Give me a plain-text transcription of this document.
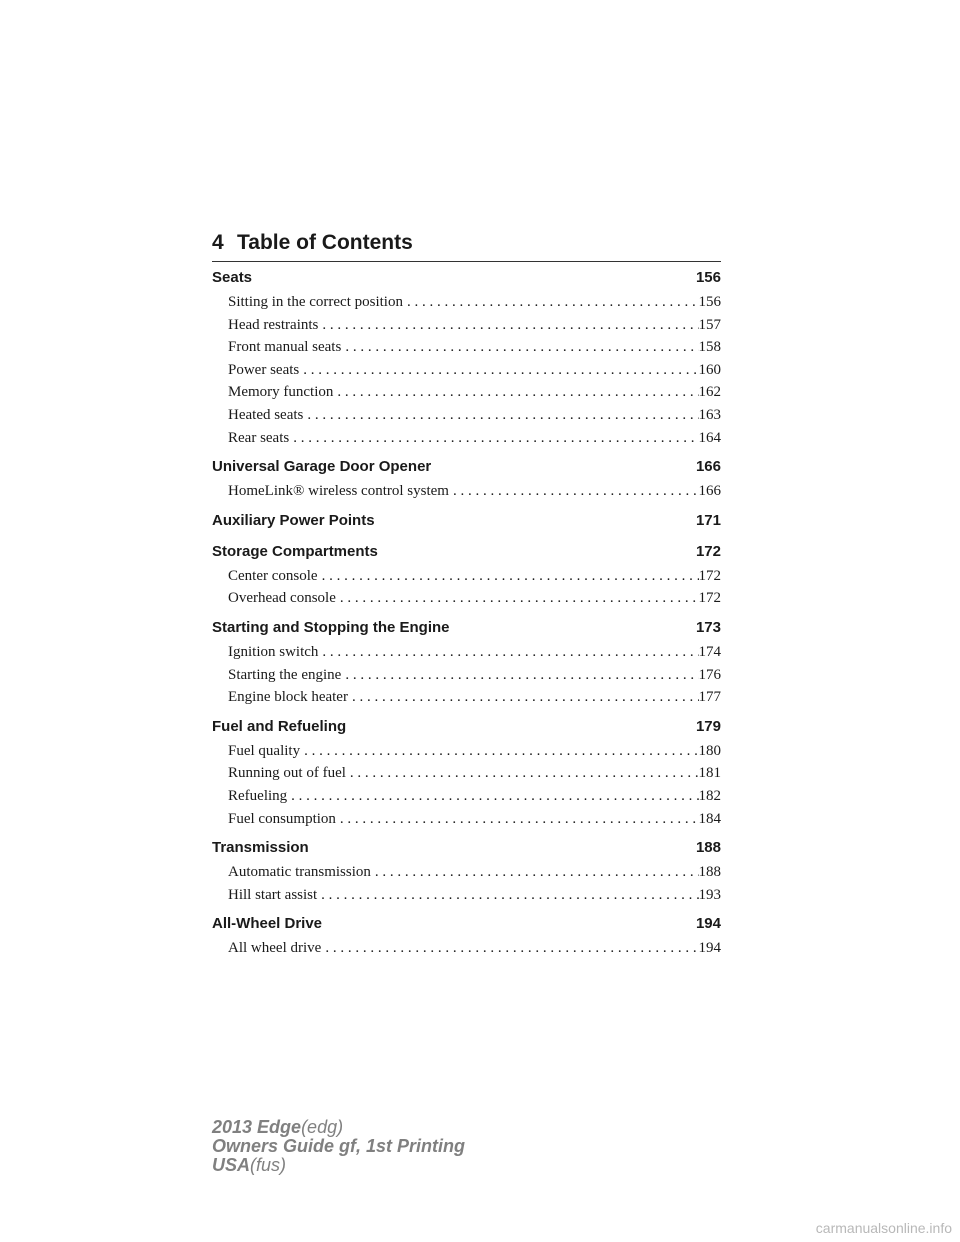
4 Table of Contents
Seats	156
Sitting in the correct position . . .	156
Head restraints . . .	157
Front manual seats . . .	158
Power seats . . .	160
Memory function . . .	162
Heated seats . . .	163
Rear seats . . .	164
Universal Garage Door Opener	166
HomeLink® wireless control system . . .	166
Auxiliary Power Points	171
Storage Compartments	172
Center console . . .	172
Overhead console . . .	172
Starting and Stopping the Engine	173
Ignition switch . . .	174
Starting the engine . . .	176
Engine block heater . . .	177
Fuel and Refueling	179
Fuel quality . . .	180
Running out of fuel . . .	181
Refueling . . .	182
Fuel consumption . . .	184
Transmission	188
Automatic transmission . . .	188
Hill start assist . . .	193
All-Wheel Drive	194
All wheel drive . . .	194
2013 Edge(edg)
Owners Guide gf, 1st Printing
USA(fus)
carmanualsonline.info
